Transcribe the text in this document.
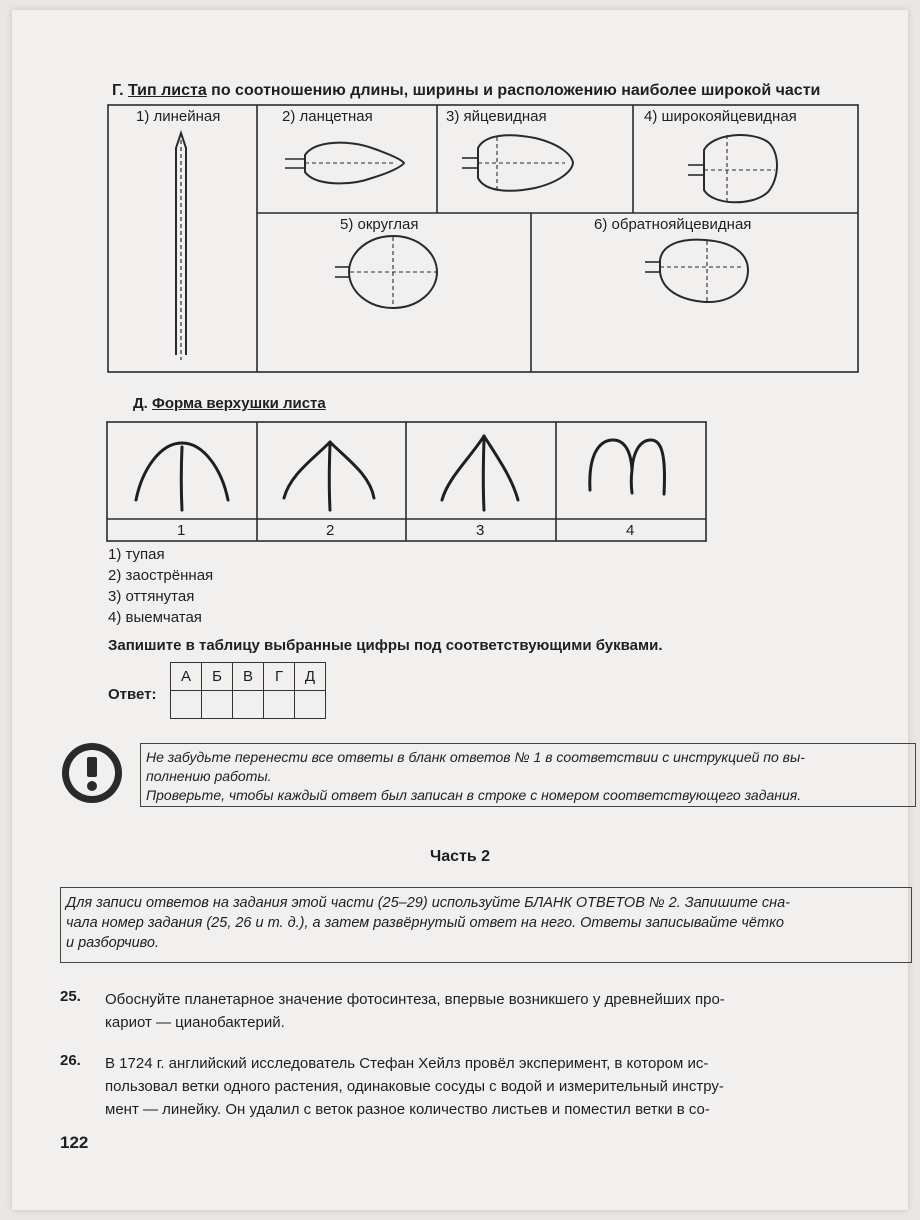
Г. Тип листа по соотношению длины, ширины и расположению наиболее широкой части
1) линейная	2) ланцетная	3) яйцевидная	4) широкояйцевидная
5) округлая	6) обратнояйцевидная
Д. Форма верхушки листа
1	2	3	4
1) тупая
2) заострённая
3) оттянутая
4) выемчатая
Запишите в таблицу выбранные цифры под соответствующими буквами.
Ответ:
А	Б	В	Г	Д

Не забудьте перенести все ответы в бланк ответов № 1 в соответствии с инструкцией по вы-
полнению работы.
Проверьте, чтобы каждый ответ был записан в строке с номером соответствующего задания.
Часть 2
Для записи ответов на задания этой части (25–29) используйте БЛАНК ОТВЕТОВ № 2. Запишите сна-
чала номер задания (25, 26 и т. д.), а затем развёрнутый ответ на него. Ответы записывайте чётко
и разборчиво.
25. Обоснуйте планетарное значение фотосинтеза, впервые возникшего у древнейших про-
кариот — цианобактерий.
26. В 1724 г. английский исследователь Стефан Хейлз провёл эксперимент, в котором ис-
пользовал ветки одного растения, одинаковые сосуды с водой и измерительный инстру-
мент — линейку. Он удалил с веток разное количество листьев и поместил ветки в со-
122
